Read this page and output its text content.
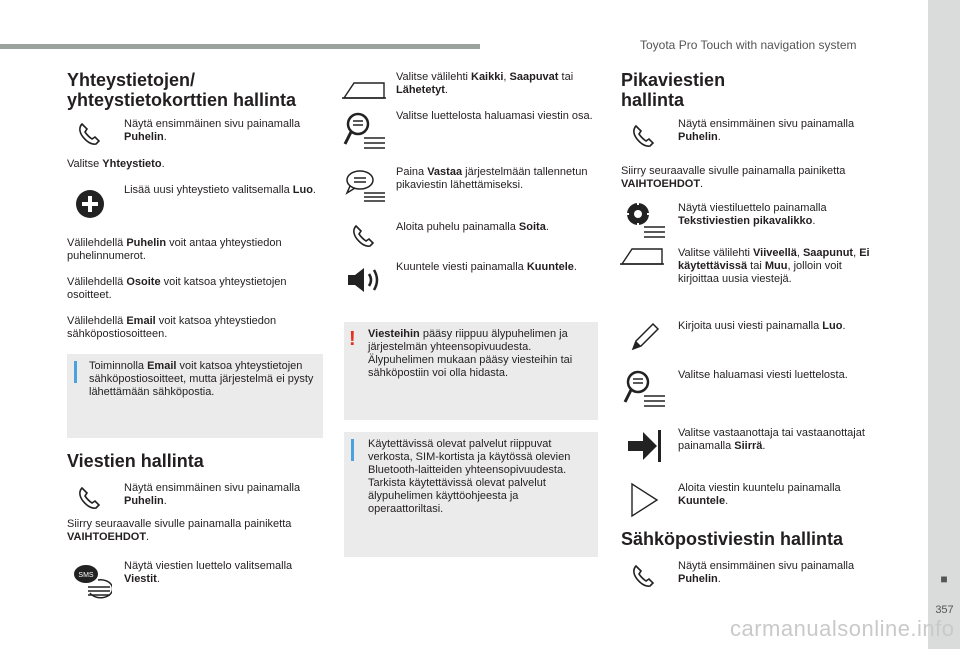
Toyota Pro Touch with navigation system
■
357
carmanualsonline.info
Yhteystietojen/ yhteystietokorttien hallinta
Näytä ensimmäinen sivu painamalla Puhelin.
Valitse Yhteystieto.
Lisää uusi yhteystieto valitsemalla Luo.
Välilehdellä Puhelin voit antaa yhteystiedon puhelinnumerot.
Välilehdellä Osoite voit katsoa yhteystietojen osoitteet.
Välilehdellä Email voit katsoa yhteystiedon sähköpostiosoitteen.
Toiminnolla Email voit katsoa yhteystietojen sähköpostiosoitteet, mutta järjestelmä ei pysty lähettämään sähköpostia.
Viestien hallinta
Näytä ensimmäinen sivu painamalla Puhelin.
Siirry seuraavalle sivulle painamalla painiketta VAIHTOEHDOT.
SMS
Näytä viestien luettelo valitsemalla Viestit.
Valitse välilehti Kaikki, Saapuvat tai Lähetetyt.
Valitse luettelosta haluamasi viestin osa.
Paina Vastaa järjestelmään tallennetun pikaviestin lähettämiseksi.
Aloita puhelu painamalla Soita.
Kuuntele viesti painamalla Kuuntele.
! Viesteihin pääsy riippuu älypuhelimen ja järjestelmän yhteensopivuudesta. Älypuhelimen mukaan pääsy viesteihin tai sähköpostiin voi olla hidasta.
Käytettävissä olevat palvelut riippuvat verkosta, SIM-kortista ja käytössä olevien Bluetooth-laitteiden yhteensopivuudesta. Tarkista käytettävissä olevat palvelut älypuhelimen käyttöohjeesta ja operaattoriltasi.
Pikaviestien hallinta
Näytä ensimmäinen sivu painamalla Puhelin.
Siirry seuraavalle sivulle painamalla painiketta VAIHTOEHDOT.
Näytä viestiluettelo painamalla Tekstiviestien pikavalikko.
Valitse välilehti Viiveellä, Saapunut, Ei käytettävissä tai Muu, jolloin voit kirjoittaa uusia viestejä.
Kirjoita uusi viesti painamalla Luo.
Valitse haluamasi viesti luettelosta.
Valitse vastaanottaja tai vastaanottajat painamalla Siirrä.
Aloita viestin kuuntelu painamalla Kuuntele.
Sähköpostiviestin hallinta
Näytä ensimmäinen sivu painamalla Puhelin.
